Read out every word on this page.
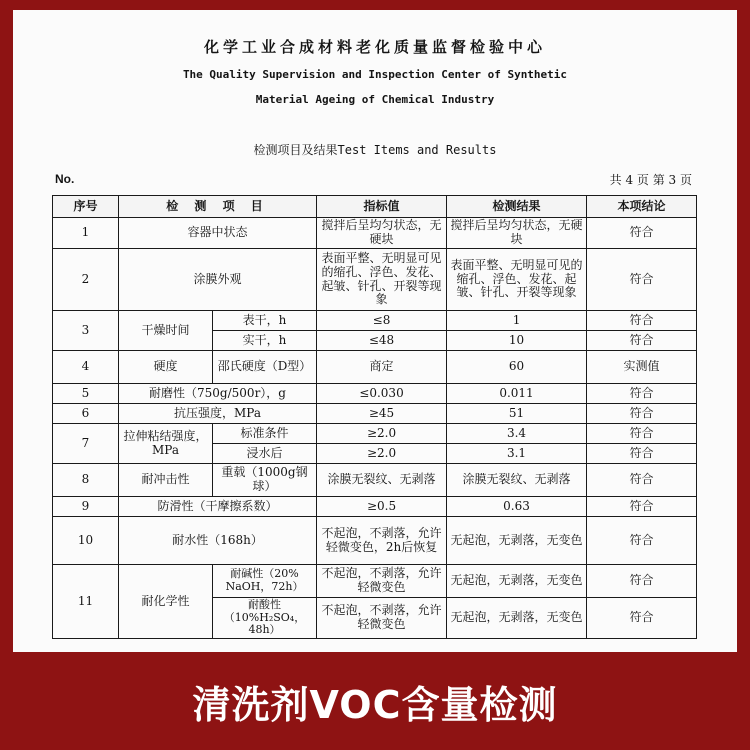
化学工业合成材料老化质量监督检验中心
The Quality Supervision and Inspection Center of Synthetic
Material Ageing of Chemical Industry
检测项目及结果Test Items and Results
No.	共 4 页 第 3 页
序号	检 测 项 目		指标值	检测结果	本项结论
1	容器中状态		搅拌后呈均匀状态，无硬块	搅拌后呈均匀状态，无硬块	符合
2	涂膜外观		表面平整、无明显可见的缩孔、浮色、发花、起皱、针孔、开裂等现象	表面平整、无明显可见的缩孔、浮色、发花、起皱、针孔、开裂等现象	符合
3	干燥时间	表干，h	≤8	1	符合
		实干，h	≤48	10	符合
4	硬度	邵氏硬度（D型）	商定	60	实测值
5	耐磨性（750g/500r），g		≤0.030	0.011	符合
6	抗压强度，MPa		≥45	51	符合
7	拉伸粘结强度，MPa	标准条件	≥2.0	3.4	符合
		浸水后	≥2.0	3.1	符合
8	耐冲击性	重载（1000g钢球）	涂膜无裂纹、无剥落	涂膜无裂纹、无剥落	符合
9	防滑性（干摩擦系数）		≥0.5	0.63	符合
10	耐水性（168h）		不起泡，不剥落，允许轻微变色，2h后恢复	无起泡，无剥落，无变色	符合
11	耐化学性	耐碱性（20% NaOH，72h）	不起泡，不剥落，允许轻微变色	无起泡，无剥落，无变色	符合
		耐酸性（10%H₂SO₄，48h）	不起泡，不剥落，允许轻微变色	无起泡，无剥落，无变色	符合
清洗剂VOC含量检测
